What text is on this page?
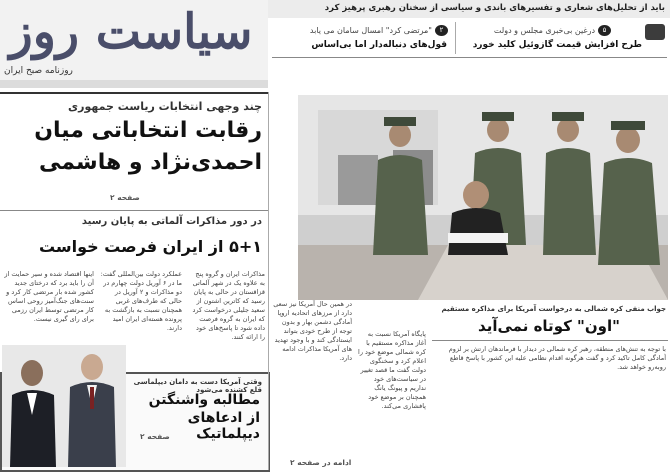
سیاست روز
روزنامه صبح ایران
باید از تحلیل‌های شعاری و تفسیرهای باندی و سیاسی از سخنان رهبری پرهیز کرد
۵
درغین بی‌خبری مجلس و دولت
طرح افزایش قیمت گازوئیل کلید خورد
۲
"مرتضی کرد" امسال سامان می یابد
قول‌های دنباله‌دار اما بی‌اساس
چند وجهی انتخابات ریاست جمهوری
رقابت انتخاباتی میان
احمدی‌نژاد و هاشمی
صفحه ۲
در دور مذاکرات آلماتی به پایان رسید
۵+۱ از ایران فرصت خواست
مذاکرات ایران و گروه پنج به علاوه یک در شهر آلماتی قزاقستان در حالی به پایان رسید که کاترین اشتون از سعید جلیلی درخواست کرد که ایران به گروه فرصت داده شود تا پاسخ‌های خود را ارائه کنند.
عملکرد دولت بین‌المللی گفت: ما در ۶ آوریل دولت چهارم در دو مذاکرات و ۲ آوریل در حالی که طرف‌های غربی همچنان نسبت به بازگشت به پرونده هسته‌ای ایران امید دارند.
اینها اقتصاد شده و سیر حمایت از آن را باید برد که درختای جدید کشور شده بار مرتضی کار کرد و سنت‌های جنگ‌آمیز روحی اساس کار مرتضی توسط ایران رزمی برای رای گیری نیست.
وقتی آمریکا دست به دامان دیپلماسی قلع کشنده می‌شود
مطالبه واشنگتن
از ادعاهای دیپلماتیک
صفحه ۲
در همین حال آمریکا نیز سعی دارد از مرزهای اتحادیه اروپا آمادگی دشمن بهار و بدون توجه از طرح خودی بتواند ایستادگی کند و با وجود تهدید های آمریکا مذاکرات ادامه دارد.
پایگاه آمریکا نسبت به آغاز مذاکره مستقیم با کره شمالی موضع خود را اعلام کرد و سخنگوی دولت گفت ما قصد تغییر در سیاست‌های خود نداریم و پیونگ یانگ همچنان بر موضع خود پافشاری می‌کند.
جواب منفی کره شمالی به درخواست آمریکا برای مذاکره مستقیم
"اون" کوتاه نمی‌آید
با توجه به تنش‌های منطقه، رهبر کره شمالی در دیدار با فرماندهان ارتش بر لزوم آمادگی کامل تاکید کرد و گفت هرگونه اقدام نظامی علیه این کشور با پاسخ قاطع روبه‌رو خواهد شد.
ادامه در صفحه ۲
